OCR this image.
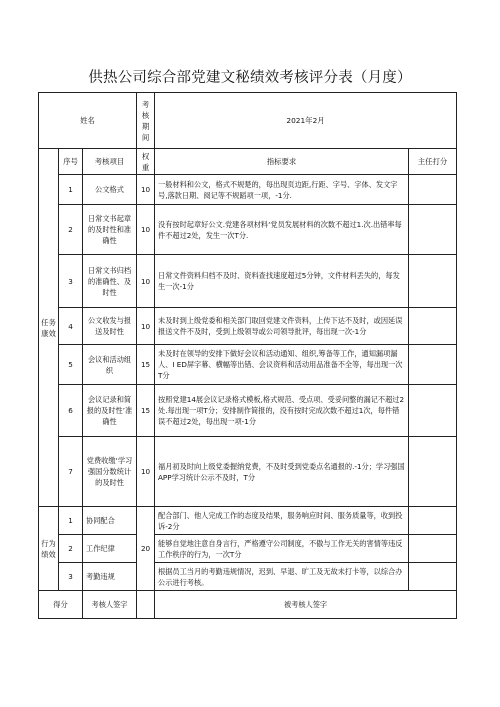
供热公司综合部党建文秘绩效考核评分表（月度）
姓名			考核期间	2021年2月	
任务康效	序号	考核项目	权重	指标要求	主任打分
	1	公文格式	10	一般材料和公文，格式不规楚的，每出现页边距,行距、字号、字体、发文字号,落款日期、阅记等不规蹈项一项，-1分.	
	2	日常文书起章的及时性和准确性	10	没有按时起章好公文.党建各项材料‘党员发展材料的次数不超过1.次.出错率每件不超过2处，发生一次T分.	
	3	日常文书归档的准确性、及时性	10	日常文件资料归档不及时、资料查找速度超过5分钟，文件材料丢失的，每发生一次-1分	
	4	公文收发与报送及时性	10	未及时到上级党委和相关部门取回党建文件资料，上传下达不及时，或因延误报送文件不及时，受到上级领导或公司领导批评，每出现一次-1分	
	5	会议和活动组织	15	未及时在领导的安排下做好会议和活动通知、组织,筹备等工作，通知漏项漏人、I ED屏字幕、横幅等出错、会议资料和活动用品准备不全等，每出现一次T分	
	6	会议记录和简报的及时性’准确性	15	按照党建14展会议记录格式模板,格式规范、受点项、受妥问整的漏记不超过2处.每出现一项T分；安排制作简报的，没有按时完成次数不超过1次，每件错误不超过2处，每出现一项-1分	
	7	党费收缴‘学习强国分数统计的及时性	10	福月初及时向上级党委握纳党费，不及时受到党委点名通报的.-1分；学习强国APP学习统计公示不及时，T分	
行为绩效	1	协同配合	20	配合部门、他人完成工作的态度及结果，服务响应时间、服务质量等，收到投诉-2分	
	2	工作纪律		能够自觉地注意自身言行，严格遵守公司制度，不傲与工作无关的害情等违反工作秩序的行为，一次T分	
	3	考勤违规		根据员工当月的考勤违规情况，迟到、早退、旷工及无故未打卡等，以综合办公示进行考核。	
得分		考核人签字		被考核人签字	
